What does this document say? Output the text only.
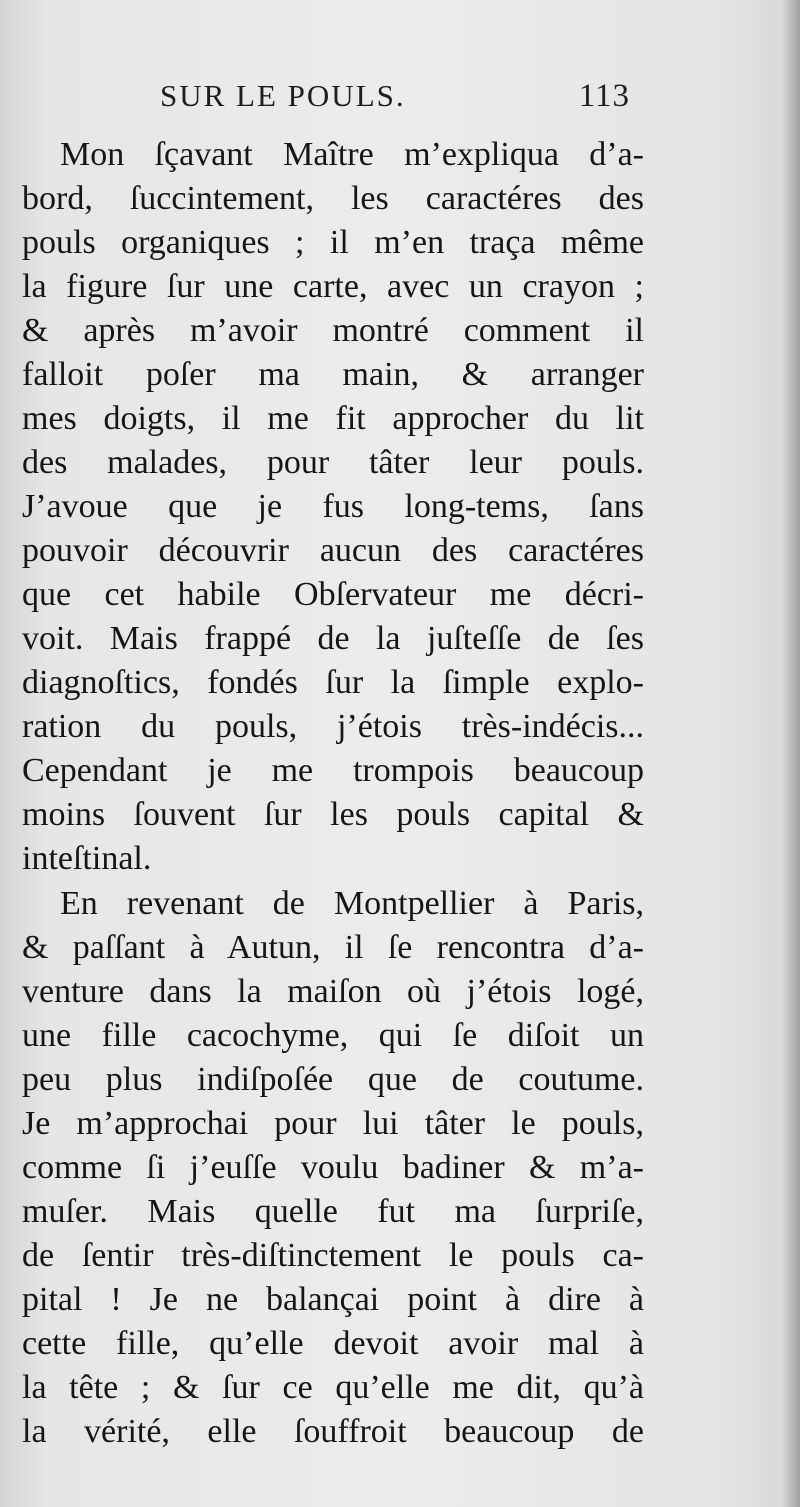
SUR LE POULS.	113
Mon ſçavant Maître m’expliqua d’a-
bord, ſuccintement, les caractéres des
pouls organiques ; il m’en traça même
la figure ſur une carte, avec un crayon ;
& après m’avoir montré comment il
falloit poſer ma main, & arranger
mes doigts, il me fit approcher du lit
des malades, pour tâter leur pouls.
J’avoue que je fus long-tems, ſans
pouvoir découvrir aucun des caractéres
que cet habile Obſervateur me décri-
voit. Mais frappé de la juſteſſe de ſes
diagnoſtics, fondés ſur la ſimple explo-
ration du pouls, j’étois très-indécis...
Cependant je me trompois beaucoup
moins ſouvent ſur les pouls capital &
inteſtinal.
En revenant de Montpellier à Paris,
& paſſant à Autun, il ſe rencontra d’a-
venture dans la maiſon où j’étois logé,
une fille cacochyme, qui ſe diſoit un
peu plus indiſpoſée que de coutume.
Je m’approchai pour lui tâter le pouls,
comme ſi j’euſſe voulu badiner & m’a-
muſer. Mais quelle fut ma ſurpriſe,
de ſentir très-diſtinctement le pouls ca-
pital ! Je ne balançai point à dire à
cette fille, qu’elle devoit avoir mal à
la tête ; & ſur ce qu’elle me dit, qu’à
la vérité, elle ſouffroit beaucoup de
